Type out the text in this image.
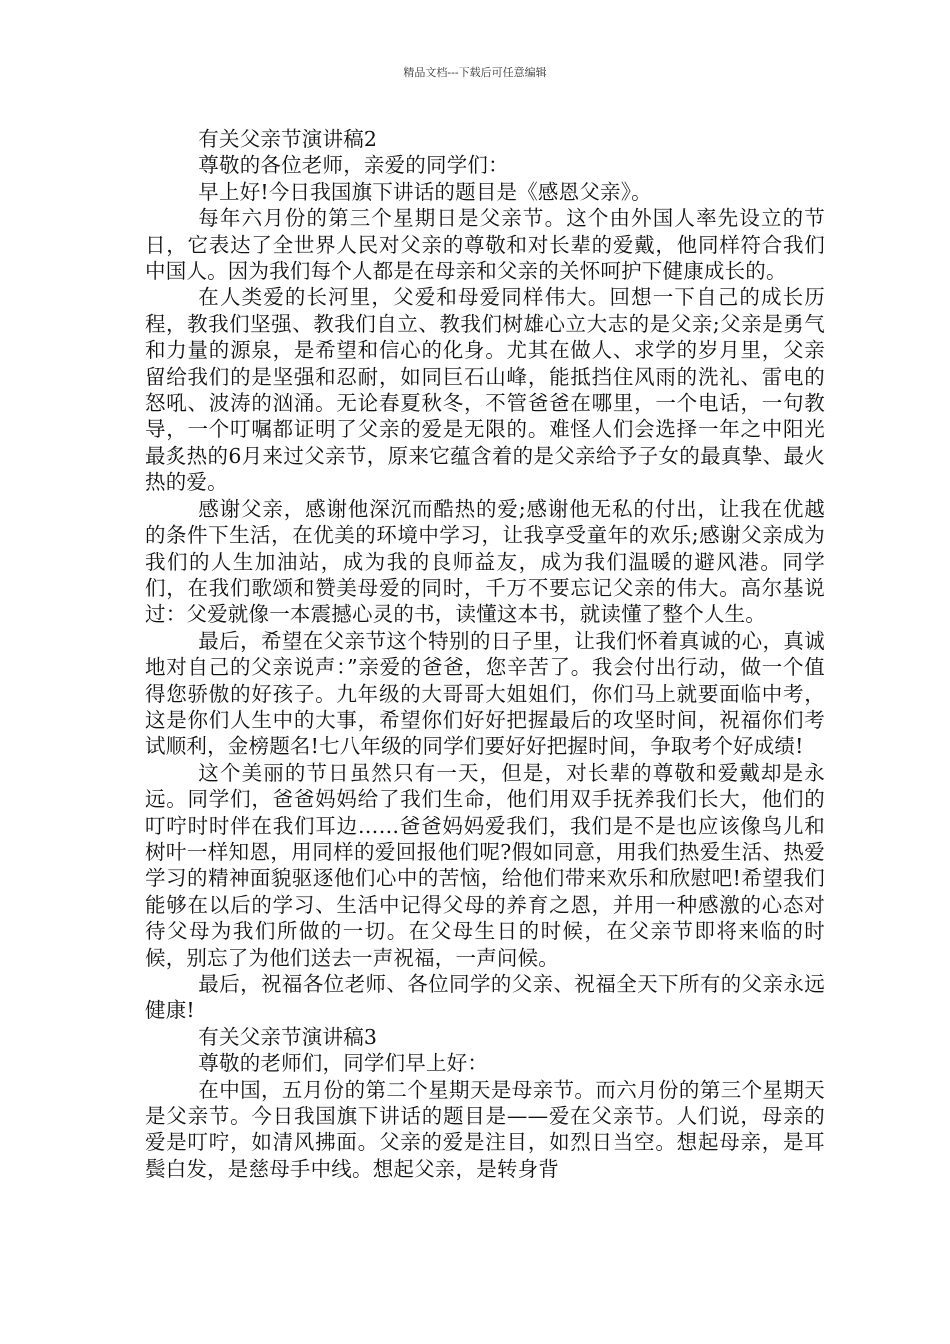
精品文档---下载后可任意编辑

有关父亲节演讲稿2

尊敬的各位老师，亲爱的同学们：

早上好!今日我国旗下讲话的题目是《感恩父亲》。

每年六月份的第三个星期日是父亲节。这个由外国人率先设立的节日，它表达了全世界人民对父亲的尊敬和对长辈的爱戴，他同样符合我们中国人。因为我们每个人都是在母亲和父亲的关怀呵护下健康成长的。

在人类爱的长河里，父爱和母爱同样伟大。回想一下自己的成长历程，教我们坚强、教我们自立、教我们树雄心立大志的是父亲;父亲是勇气和力量的源泉，是希望和信心的化身。尤其在做人、求学的岁月里，父亲留给我们的是坚强和忍耐，如同巨石山峰，能抵挡住风雨的洗礼、雷电的怒吼、波涛的汹涌。无论春夏秋冬，不管爸爸在哪里，一个电话，一句教导，一个叮嘱都证明了父亲的爱是无限的。难怪人们会选择一年之中阳光最炙热的6月来过父亲节，原来它蕴含着的是父亲给予子女的最真挚、最火热的爱。

感谢父亲，感谢他深沉而酷热的爱;感谢他无私的付出，让我在优越的条件下生活，在优美的环境中学习，让我享受童年的欢乐;感谢父亲成为我们的人生加油站，成为我的良师益友，成为我们温暖的避风港。同学们，在我们歌颂和赞美母爱的同时，千万不要忘记父亲的伟大。高尔基说过：父爱就像一本震撼心灵的书，读懂这本书，就读懂了整个人生。

最后，希望在父亲节这个特别的日子里，让我们怀着真诚的心，真诚地对自己的父亲说声：”亲爱的爸爸，您辛苦了。我会付出行动，做一个值得您骄傲的好孩子。九年级的大哥哥大姐姐们，你们马上就要面临中考，这是你们人生中的大事，希望你们好好把握最后的攻坚时间，祝福你们考试顺利，金榜题名!七八年级的同学们要好好把握时间，争取考个好成绩!

这个美丽的节日虽然只有一天，但是，对长辈的尊敬和爱戴却是永远。同学们，爸爸妈妈给了我们生命，他们用双手抚养我们长大，他们的叮咛时时伴在我们耳边……爸爸妈妈爱我们，我们是不是也应该像鸟儿和树叶一样知恩，用同样的爱回报他们呢?假如同意，用我们热爱生活、热爱学习的精神面貌驱逐他们心中的苦恼，给他们带来欢乐和欣慰吧!希望我们能够在以后的学习、生活中记得父母的养育之恩，并用一种感激的心态对待父母为我们所做的一切。在父母生日的时候，在父亲节即将来临的时候，别忘了为他们送去一声祝福，一声问候。

最后，祝福各位老师、各位同学的父亲、祝福全天下所有的父亲永远健康!

有关父亲节演讲稿3

尊敬的老师们，同学们早上好：

在中国，五月份的第二个星期天是母亲节。而六月份的第三个星期天是父亲节。今日我国旗下讲话的题目是——爱在父亲节。人们说，母亲的爱是叮咛，如清风拂面。父亲的爱是注目，如烈日当空。想起母亲，是耳鬓白发，是慈母手中线。想起父亲，是转身背
